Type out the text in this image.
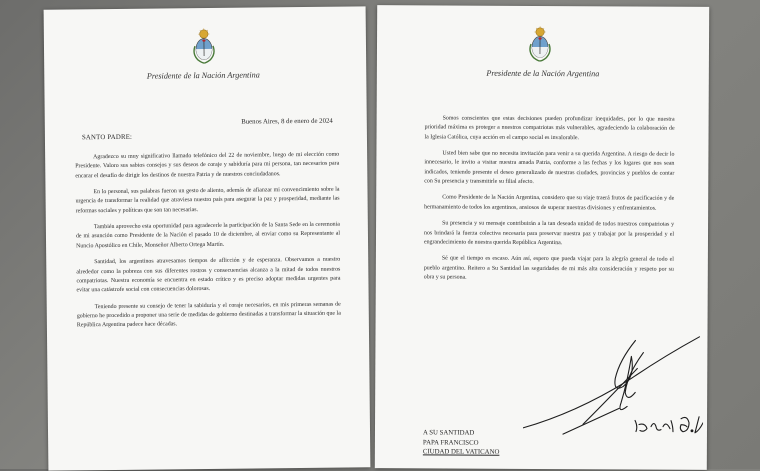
Presidente de la Nación Argentina
Buenos Aires, 8 de enero de 2024
SANTO PADRE:

Agradezco su muy significativo llamado telefónico del 22 de noviembre, luego de mi elección como Presidente. Valoro sus sabios consejos y sus deseos de coraje y sabiduría para mi persona, tan necesarios para encarar el desafío de dirigir los destinos de nuestra Patria y de nuestros conciudadanos.

En lo personal, sus palabras fueron un gesto de aliento, además de afianzar mi convencimiento sobre la urgencia de transformar la realidad que atraviesa nuestro país para asegurar la paz y prosperidad, mediante las reformas sociales y políticas que son tan necesarias.

También aprovecho esta oportunidad para agradecerle la participación de la Santa Sede en la ceremonia de mi asunción como Presidente de la Nación el pasado 10 de diciembre, al enviar como su Representante al Nuncio Apostólico en Chile, Monseñor Alberto Ortega Martín.

Santidad, los argentinos atravesamos tiempos de aflicción y de esperanza. Observamos a nuestro alrededor como la pobreza con sus diferentes rostros y consecuencias alcanza a la mitad de todos nuestros compatriotas. Nuestra economía se encuentra en estado crítico y es preciso adoptar medidas urgentes para evitar una catástrofe social con consecuencias dolorosas.

Teniendo presente su consejo de tener la sabiduría y el coraje necesarios, en mis primeras semanas de gobierno he procedido a proponer una serie de medidas de gobierno destinadas a transformar la situación que la República Argentina padece hace décadas.

Presidente de la Nación Argentina

Somos conscientes que estas decisiones pueden profundizar inequidades, por lo que nuestra prioridad máxima es proteger a nuestros compatriotas más vulnerables, agradeciendo la colaboración de la Iglesia Católica, cuya acción en el campo social es invalorable.

Usted bien sabe que no necesita invitación para venir a su querida Argentina. A riesgo de decir lo innecesario, le invito a visitar nuestra amada Patria, conforme a las fechas y los lugares que nos sean indicados, teniendo presente el deseo generalizado de nuestras ciudades, provincias y pueblos de contar con Su presencia y transmitirle su filial afecto.

Como Presidente de la Nación Argentina, considero que su viaje traerá frutos de pacificación y de hermanamiento de todos los argentinos, ansiosos de superar nuestras divisiones y enfrentamientos.

Su presencia y su mensaje contribuirán a la tan deseada unidad de todos nuestros compatriotas y nos brindará la fuerza colectiva necesaria para preservar nuestra paz y trabajar por la prosperidad y el engrandecimiento de nuestra querida República Argentina.

Sé que el tiempo es escaso. Aún así, espero que pueda viajar para la alegría general de todo el pueblo argentino. Reitero a Su Santidad las seguridades de mi más alta consideración y respeto por su obra y su persona.

A SU SANTIDAD
PAPA FRANCISCO
CIUDAD DEL VATICANO
